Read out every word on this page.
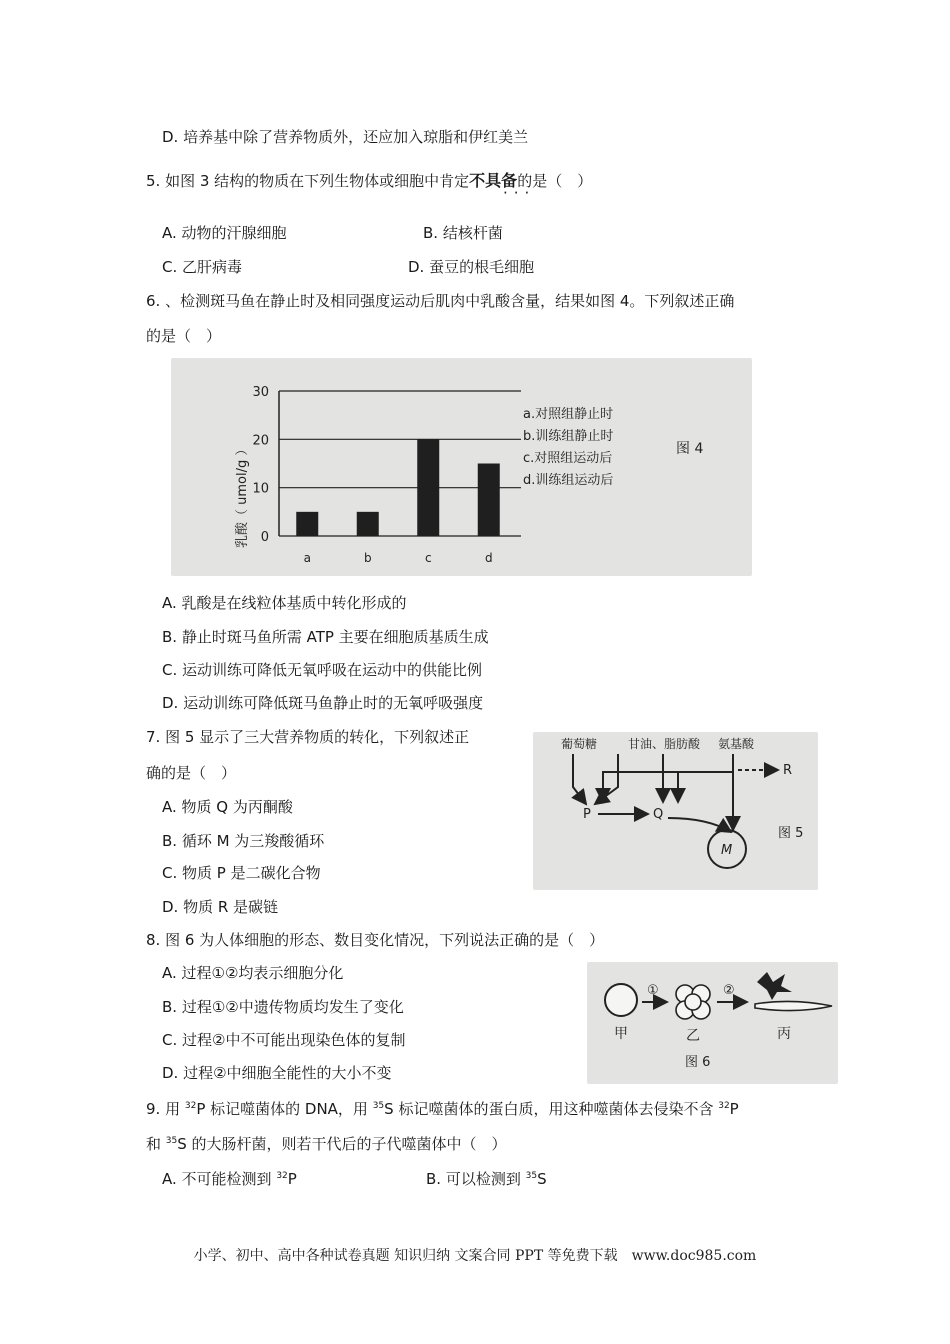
D. 培养基中除了营养物质外，还应加入琼脂和伊红美兰
5. 如图 3 结构的物质在下列生物体或细胞中肯定不具备的是（　）
···
A. 动物的汗腺细胞	B. 结核杆菌
C. 乙肝病毒	D. 蚕豆的根毛细胞
6. 、检测斑马鱼在静止时及相同强度运动后肌肉中乳酸含量，结果如图 4。下列叙述正确
的是（　）
0
10
20
30
a	b	c	d
a.对照组静止时
b.训练组静止时
c.对照组运动后
d.训练组运动后
乳酸（ umol/g ）	图 4
A. 乳酸是在线粒体基质中转化形成的
B. 静止时斑马鱼所需 ATP 主要在细胞质基质生成
C. 运动训练可降低无氧呼吸在运动中的供能比例
D. 运动训练可降低斑马鱼静止时的无氧呼吸强度
7. 图 5 显示了三大营养物质的转化，下列叙述正
确的是（　）
A. 物质 Q 为丙酮酸
B. 循环 M 为三羧酸循环
C. 物质 P 是二碳化合物
D. 物质 R 是碳链
葡萄糖	甘油、脂肪酸 氨基酸
R
P	Q
M
图 5
8. 图 6 为人体细胞的形态、数目变化情况，下列说法正确的是（　）
A. 过程①②均表示细胞分化
B. 过程①②中遗传物质均发生了变化
C. 过程②中不可能出现染色体的复制
D. 过程②中细胞全能性的大小不变
①	②
甲	乙	丙
图 6
9. 用 $^{32}$P 标记噬菌体的 DNA，用 $^{35}$S 标记噬菌体的蛋白质，用这种噬菌体去侵染不含 $^{32}$P
和 $^{35}$S 的大肠杆菌，则若干代后的子代噬菌体中（　）
A. 不可能检测到 $^{32}$P	B. 可以检测到 $^{35}$S
小学、初中、高中各种试卷真题 知识归纳 文案合同 PPT 等免费下载　www.doc985.com
